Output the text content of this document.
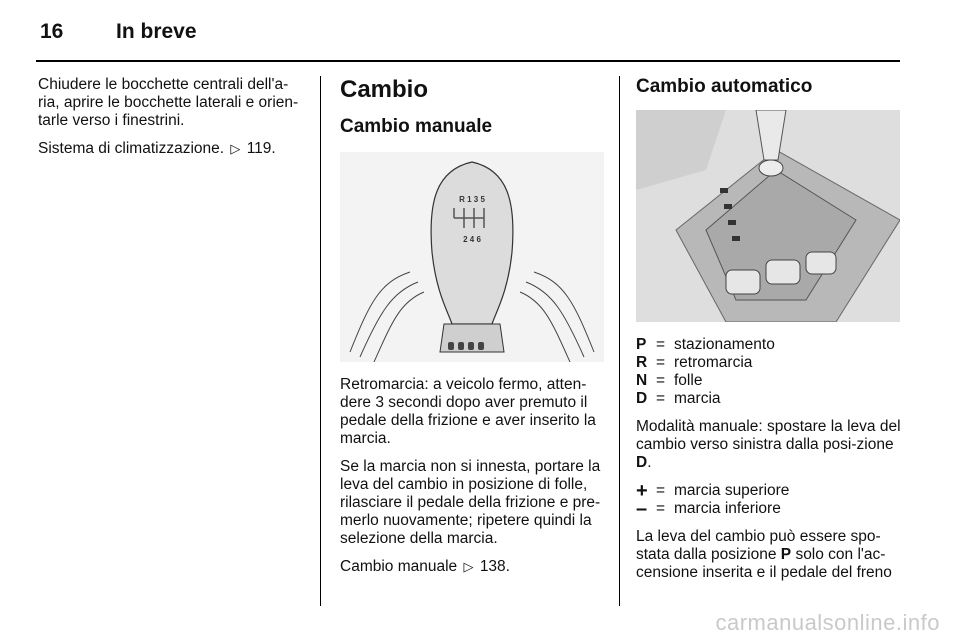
16	In breve

Chiudere le bocchette centrali dell'a-ria, aprire le bocchette laterali e orien-tarle verso i finestrini.

Sistema di climatizzazione. ▷ 119.

Cambio
Cambio manuale
R 1 3 5
2 4 6

Retromarcia: a veicolo fermo, atten-dere 3 secondi dopo aver premuto il pedale della frizione e aver inserito la marcia.

Se la marcia non si innesta, portare la leva del cambio in posizione di folle, rilasciare il pedale della frizione e pre-merlo nuovamente; ripetere quindi la selezione della marcia.

Cambio manuale ▷ 138.

Cambio automatico
P = stazionamento
R = retromarcia
N = folle
D = marcia

Modalità manuale: spostare la leva del cambio verso sinistra dalla posi-zione D.

+ = marcia superiore
– = marcia inferiore

La leva del cambio può essere spo-stata dalla posizione P solo con l'ac-censione inserita e il pedale del freno

carmanualsonline.info
